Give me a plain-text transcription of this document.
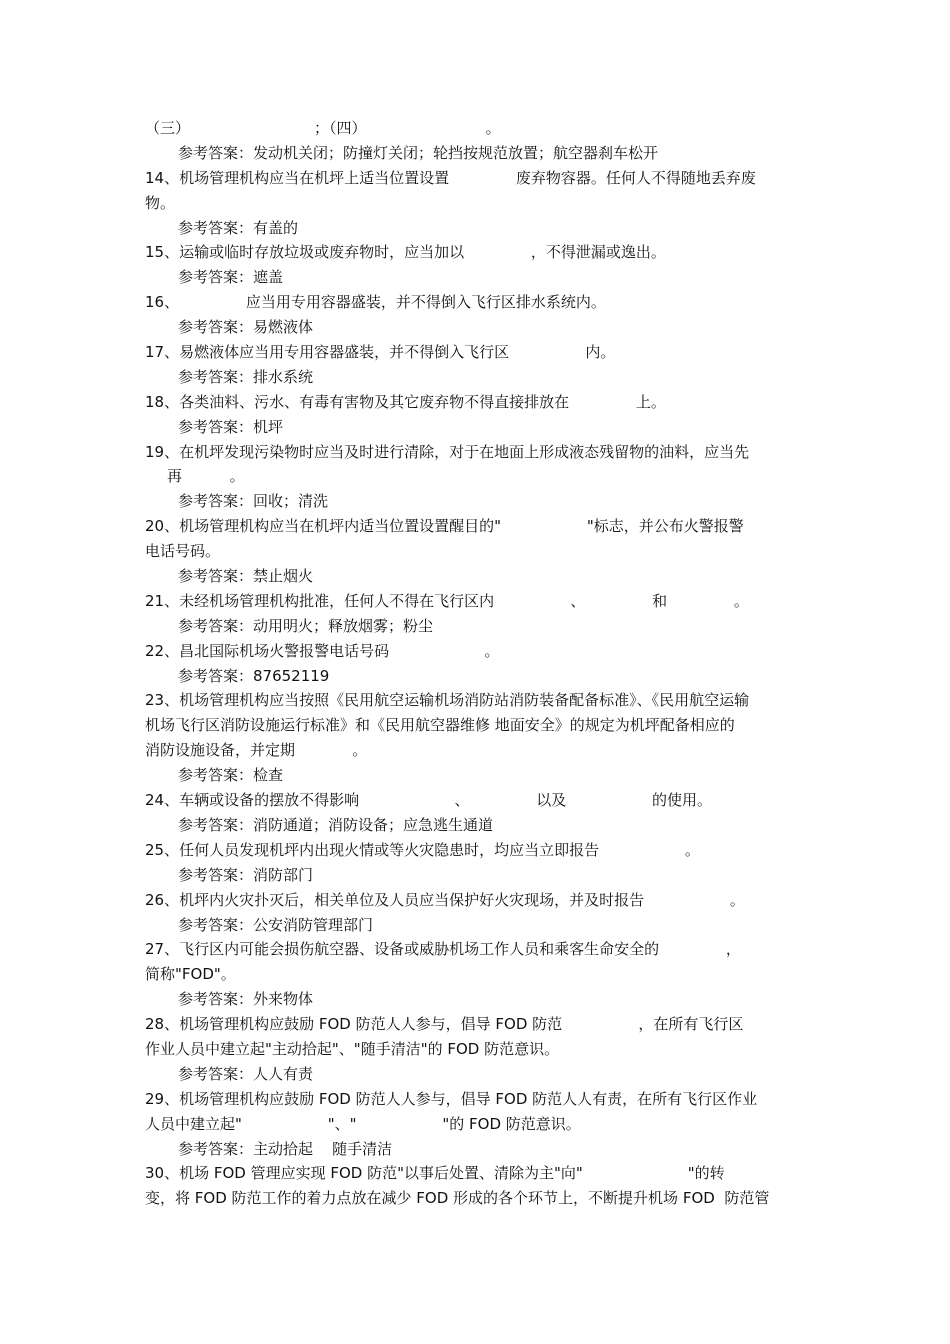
（三）                          ；（四）                         。
参考答案：发动机关闭；防撞灯关闭；轮挡按规范放置；航空器刹车松开
14、机场管理机构应当在机坪上适当位置设置              废弃物容器。任何人不得随地丢弃废
物。
参考答案：有盖的
15、运输或临时存放垃圾或废弃物时，应当加以              ，不得泄漏或逸出。
参考答案：遮盖
16、              应当用专用容器盛装，并不得倒入飞行区排水系统内。
参考答案：易燃液体
17、易燃液体应当用专用容器盛装，并不得倒入飞行区                内。
参考答案：排水系统
18、各类油料、污水、有毒有害物及其它废弃物不得直接排放在              上。
参考答案：机坪
19、在机坪发现污染物时应当及时进行清除，对于在地面上形成液态残留物的油料，应当先
再          。
参考答案：回收；清洗
20、机场管理机构应当在机坪内适当位置设置醒目的"                  "标志，并公布火警报警
电话号码。
参考答案：禁止烟火
21、未经机场管理机构批准，任何人不得在飞行区内                、              和              。
参考答案：动用明火；释放烟雾；粉尘
22、昌北国际机场火警报警电话号码                    。
参考答案：87652119
23、机场管理机构应当按照《民用航空运输机场消防站消防装备配备标准》、《民用航空运输
机场飞行区消防设施运行标准》和《民用航空器维修 地面安全》的规定为机坪配备相应的
消防设施设备，并定期            。
参考答案：检查
24、车辆或设备的摆放不得影响                    、              以及                  的使用。
参考答案：消防通道；消防设备；应急逃生通道
25、任何人员发现机坪内出现火情或等火灾隐患时，均应当立即报告                  。
参考答案：消防部门
26、机坪内火灾扑灭后，相关单位及人员应当保护好火灾现场，并及时报告                  。
参考答案：公安消防管理部门
27、飞行区内可能会损伤航空器、设备或威胁机场工作人员和乘客生命安全的              ，
简称"FOD"。
参考答案：外来物体
28、机场管理机构应鼓励 FOD 防范人人参与，倡导 FOD 防范                ，在所有飞行区
作业人员中建立起"主动拾起"、"随手清洁"的 FOD 防范意识。
参考答案：人人有责
29、机场管理机构应鼓励 FOD 防范人人参与，倡导 FOD 防范人人有责，在所有飞行区作业
人员中建立起"                  "、"                  "的 FOD 防范意识。
参考答案：主动拾起    随手清洁
30、机场 FOD 管理应实现 FOD 防范"以事后处置、清除为主"向"                      "的转
变，将 FOD 防范工作的着力点放在减少 FOD 形成的各个环节上，不断提升机场 FOD  防范管
